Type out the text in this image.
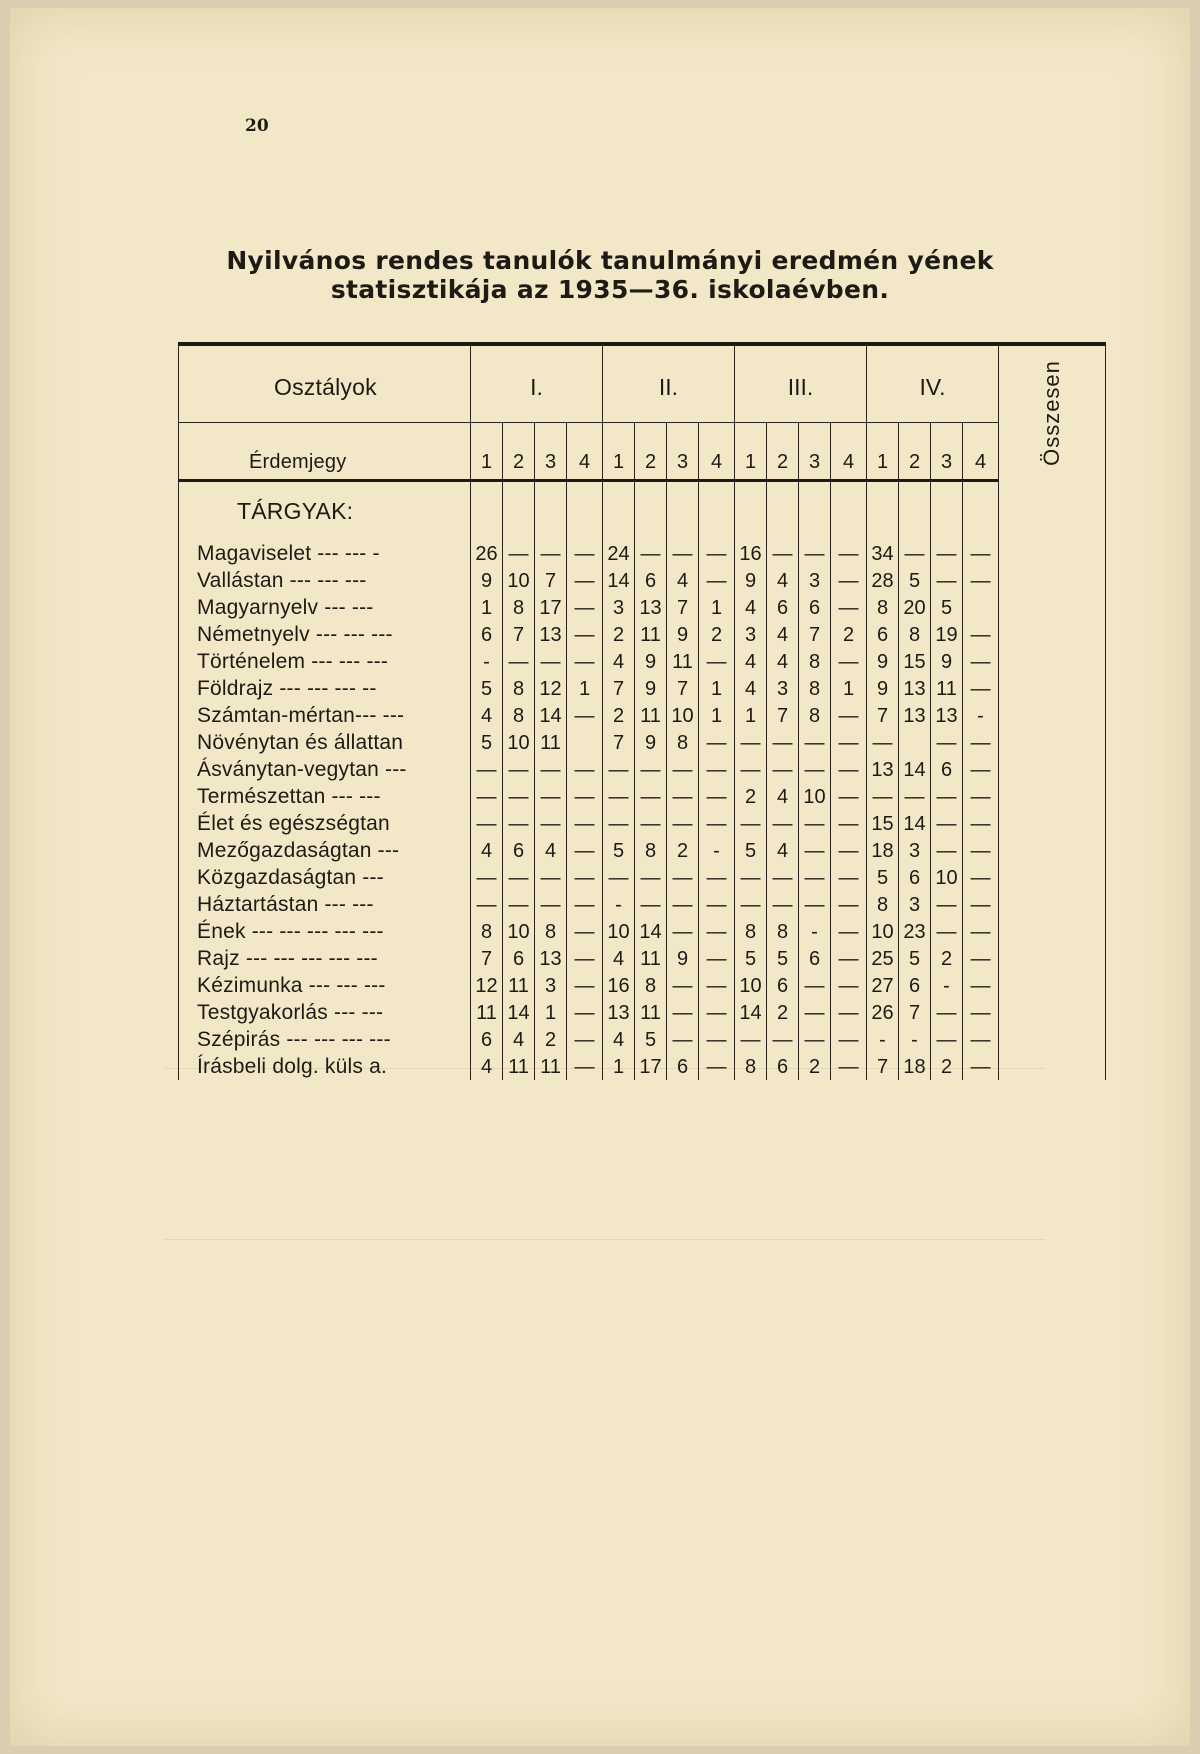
20
Nyilvános rendes tanulók tanulmányi eredmén yének
statisztikája az 1935—36. iskolaévben.
Osztályok	I.				II.				III.				IV.				Összesen
Érdemjegy	1	2	3	4	1	2	3	4	1	2	3	4	1	2	3	4	
TÁRGYAK:																	
Magaviselet --- --- -	26	—	—	—	24	—	—	—	16	—	—	—	34	—	—	—	
Vallástan --- --- ---	9	10	7	—	14	6	4	—	9	4	3	—	28	5	—	—	
Magyarnyelv --- ---	1	8	17	—	3	13	7	1	4	6	6	—	8	20	5		
Németnyelv --- --- ---	6	7	13	—	2	11	9	2	3	4	7	2	6	8	19	—	
Történelem --- --- ---	-	—	—	—	4	9	11	—	4	4	8	—	9	15	9	—	
Földrajz --- --- --- --	5	8	12	1	7	9	7	1	4	3	8	1	9	13	11	—	
Számtan-mértan--- ---	4	8	14	—	2	11	10	1	1	7	8	—	7	13	13	-	
Növénytan és állattan	5	10	11		7	9	8	—	—	—	—	—	—		—	—	
Ásványtan-vegytan ---	—	—	—	—	—	—	—	—	—	—	—	—	13	14	6	—	
Természettan --- ---	—	—	—	—	—	—	—	—	2	4	10	—	—	—	—	—	
Élet és egészségtan	—	—	—	—	—	—	—	—	—	—	—	—	15	14	—	—	
Mezőgazdaságtan ---	4	6	4	—	5	8	2	-	5	4	—	—	18	3	—	—	
Közgazdaságtan ---	—	—	—	—	—	—	—	—	—	—	—	—	5	6	10	—	
Háztartástan --- ---	—	—	—	—	-	—	—	—	—	—	—	—	8	3	—	—	
Ének --- --- --- --- ---	8	10	8	—	10	14	—	—	8	8	-	—	10	23	—	—	
Rajz --- --- --- --- ---	7	6	13	—	4	11	9	—	5	5	6	—	25	5	2	—	
Kézimunka --- --- ---	12	11	3	—	16	8	—	—	10	6	—	—	27	6	-	—	
Testgyakorlás --- ---	11	14	1	—	13	11	—	—	14	2	—	—	26	7	—	—	
Szépirás --- --- --- ---	6	4	2	—	4	5	—	—	—	—	—	—	-	-	—	—	
Írásbeli dolg. küls a.	4	11	11	—	1	17	6	—	8	6	2	—	7	18	2	—	
